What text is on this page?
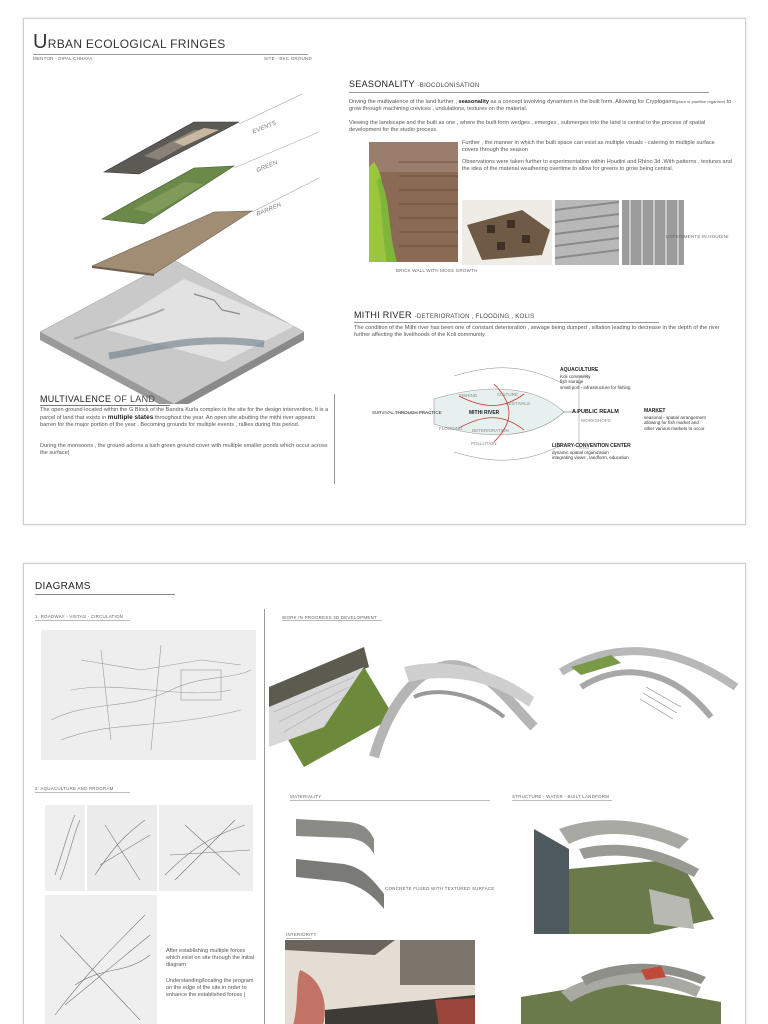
URBAN ECOLOGICAL FRINGES
MENTOR - DIPAL CHHAYA	SITE - BKC GROUND
EVENTS
GREEN
BARREN
MULTIVALENCE OF LAND
The open ground located within the G Block of the Bandra Kurla complex is the site for the design intervention. It is a parcel of land that exists in multiple states throughout the year. An open site abutting the mithi river appears barren for the major portion of the year . Becoming grounds for multiple events , rallies during this period.
During the monsoons , the ground adorns a lush green ground cover with multiple smaller ponds which occur across the surface|
SEASONALITY -BIOCOLONISATION
Driving the multivalence of the land further , seasonality as a concept involving dynamism in the built form. Allowing for Cryptogams(plant or plantlike organism) to grow through machining crevices , undulations, textures on the material.
Viewing the landscape and the built as one , where the built form wedges , emerges , submerges into the land is central to the process of spatial development for the studio process.
Further , the manner in which the built space can exist as multiple visuals - catering to multiple surface covers through the season
Observations were taken further to experimentation within Houdini and Rhino 3d .With patterns , textures and the idea of the material weathering overtime to allow for greens to grow being central.
BRICK WALL WITH MOSS GROWTH
EXPERIMENTS IN HOUDINI
MITHI RIVER -DETERIORATION , FLOODING , KOLIS
The condition of the Mithi river has been one of constant deterioration , sewage being dumped , siltation leading to decrease in the depth of the river further affecting the livelihoods of the Koli community.
SURVIVAL THROUGH PRACTICE	MITHI RIVER	A PUBLIC REALM
FISHING	CULTURE
FLOODING DETERIORATION
POLLUTION
FESTIVALS
AQUACULTURE
Koli community
fish storage
small port - infrastructure for fishing
MARKET
seasonal - spatial arrangement
allowing for fish market and
other various markets to occur
WORKSHOPS
LIBRARY-CONVENTION CENTER
dynamic spatial organization
integrating views , landform, education
DIAGRAMS
1. ROADWAY - VISTAS - CIRCULATION
2. AQUACULTURE AND PROGRAM
After establishing multiple forces which exist on site through the initial diagram
Understanding/locating the program on the edge of the site in order to enhance the established forces |
WORK IN PROGRESS 3D DEVELOPMENT
MATERIALITY
CONCRETE FUSED WITH TEXTURED SURFACE
STRUCTURE - WATER - BUILT LANDFORM
INTERIORITY
